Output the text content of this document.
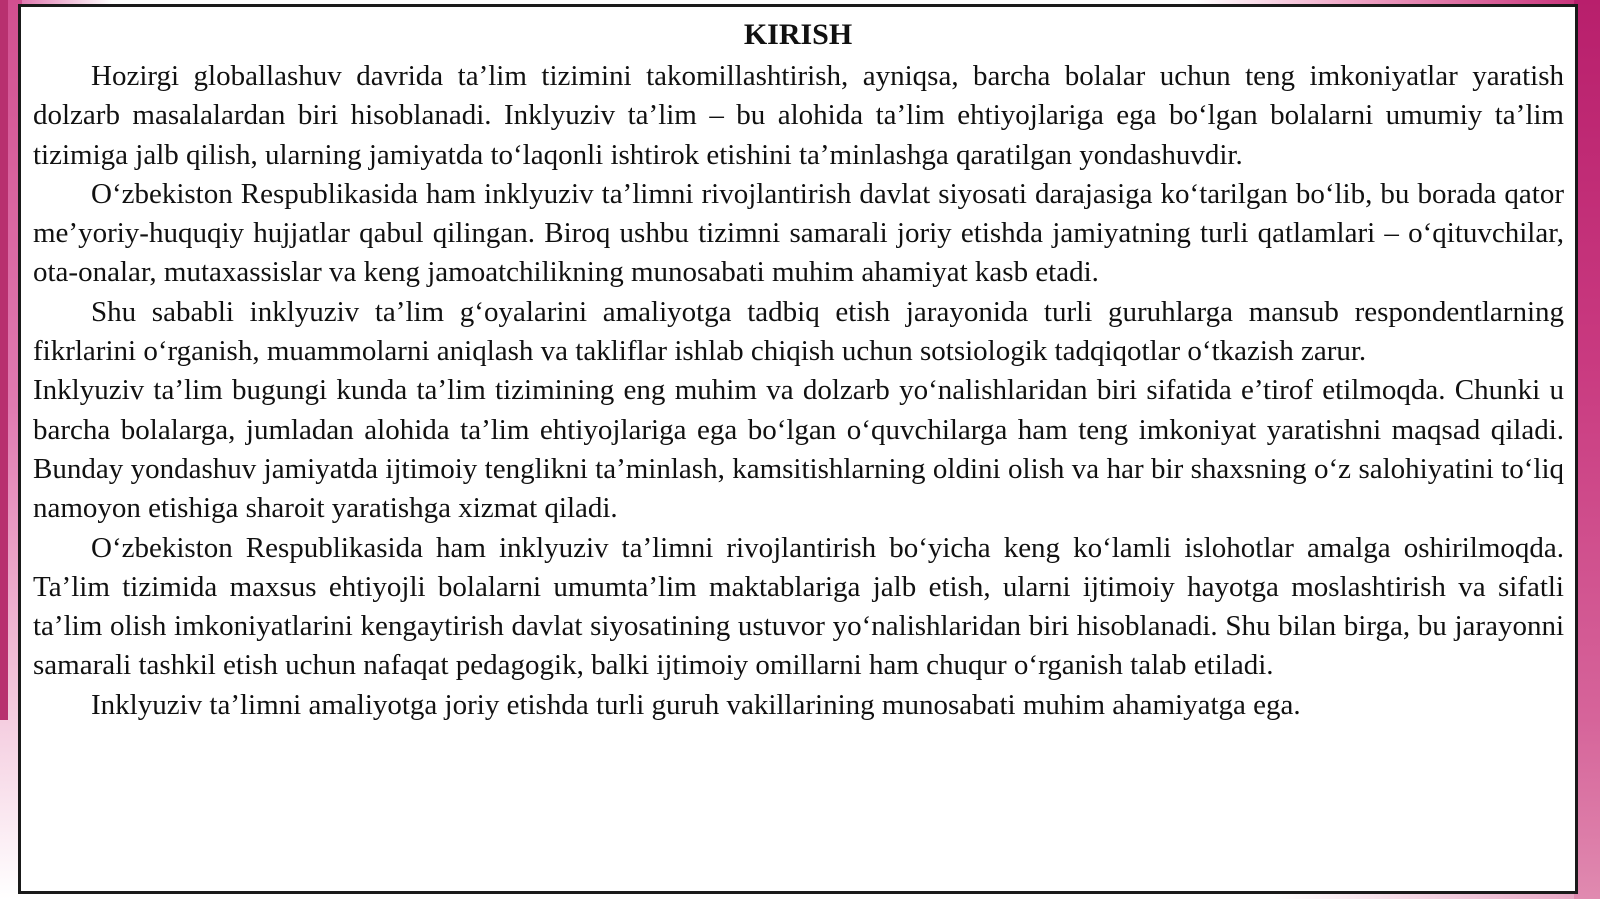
KIRISH

Hozirgi globallashuv davrida ta’lim tizimini takomillashtirish, ayniqsa, barcha bolalar uchun teng imkoniyatlar yaratish dolzarb masalalardan biri hisoblanadi. Inklyuziv ta’lim – bu alohida ta’lim ehtiyojlariga ega bo‘lgan bolalarni umumiy ta’lim tizimiga jalb qilish, ularning jamiyatda to‘laqonli ishtirok etishini ta’minlashga qaratilgan yondashuvdir.

O‘zbekiston Respublikasida ham inklyuziv ta’limni rivojlantirish davlat siyosati darajasiga ko‘tarilgan bo‘lib, bu borada qator me’yoriy-huquqiy hujjatlar qabul qilingan. Biroq ushbu tizimni samarali joriy etishda jamiyatning turli qatlamlari – o‘qituvchilar, ota-onalar, mutaxassislar va keng jamoatchilikning munosabati muhim ahamiyat kasb etadi.

Shu sababli inklyuziv ta’lim g‘oyalarini amaliyotga tadbiq etish jarayonida turli guruhlarga mansub respondentlarning fikrlarini o‘rganish, muammolarni aniqlash va takliflar ishlab chiqish uchun sotsiologik tadqiqotlar o‘tkazish zarur.

Inklyuziv ta’lim bugungi kunda ta’lim tizimining eng muhim va dolzarb yo‘nalishlaridan biri sifatida e’tirof etilmoqda. Chunki u barcha bolalarga, jumladan alohida ta’lim ehtiyojlariga ega bo‘lgan o‘quvchilarga ham teng imkoniyat yaratishni maqsad qiladi. Bunday yondashuv jamiyatda ijtimoiy tenglikni ta’minlash, kamsitishlarning oldini olish va har bir shaxsning o‘z salohiyatini to‘liq namoyon etishiga sharoit yaratishga xizmat qiladi.

O‘zbekiston Respublikasida ham inklyuziv ta’limni rivojlantirish bo‘yicha keng ko‘lamli islohotlar amalga oshirilmoqda. Ta’lim tizimida maxsus ehtiyojli bolalarni umumta’lim maktablariga jalb etish, ularni ijtimoiy hayotga moslashtirish va sifatli ta’lim olish imkoniyatlarini kengaytirish davlat siyosatining ustuvor yo‘nalishlaridan biri hisoblanadi. Shu bilan birga, bu jarayonni samarali tashkil etish uchun nafaqat pedagogik, balki ijtimoiy omillarni ham chuqur o‘rganish talab etiladi.

Inklyuziv ta’limni amaliyotga joriy etishda turli guruh vakillarining munosabati muhim ahamiyatga ega.
